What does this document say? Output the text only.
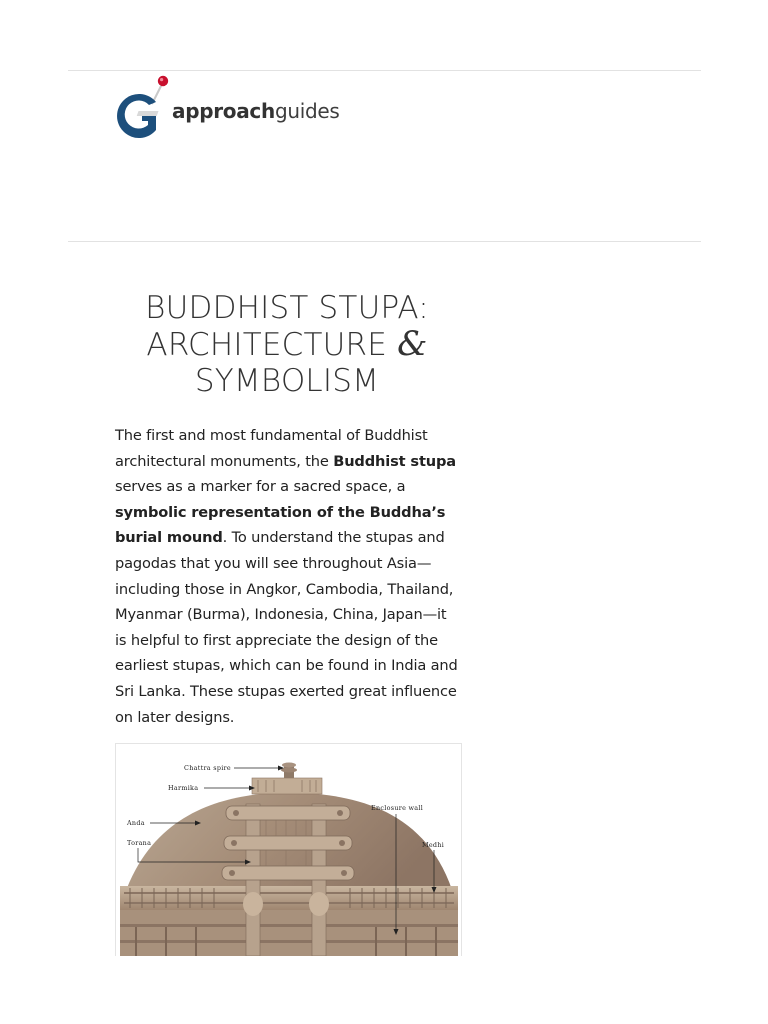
approachguides
BUDDHIST STUPA:
ARCHITECTURE &
SYMBOLISM

The first and most fundamental of Buddhist architectural monuments, the Buddhist stupa serves as a marker for a sacred space, a symbolic representation of the Buddha’s burial mound. To understand the stupas and pagodas that you will see throughout Asia—including those in Angkor, Cambodia, Thailand, Myanmar (Burma), Indonesia, China, Japan—it is helpful to first appreciate the design of the earliest stupas, which can be found in India and Sri Lanka. These stupas exerted great influence on later designs.

Chattra spire
Harmika
Anda
Torana
Enclosure wall
Medhi
